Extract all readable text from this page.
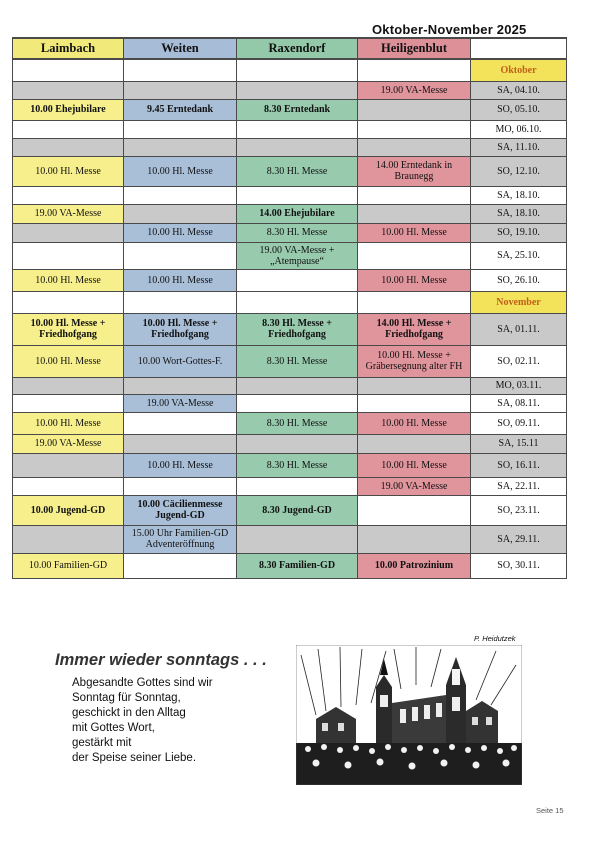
Oktober-November 2025
Laimbach	Weiten	Raxendorf	Heiligenblut	
				Oktober
			19.00 VA-Messe	SA, 04.10.
10.00 Ehejubilare	9.45 Erntedank	8.30 Erntedank		SO, 05.10.
				MO, 06.10.
				SA, 11.10.
10.00 Hl. Messe	10.00 Hl. Messe	8.30 Hl. Messe	14.00 Erntedank in Braunegg	SO, 12.10.
				SA, 18.10.
19.00 VA-Messe		14.00 Ehejubilare		SA, 18.10.
	10.00 Hl. Messe	8.30 Hl. Messe	10.00 Hl. Messe	SO, 19.10.
		19.00 VA-Messe + „Atempause“		SA, 25.10.
10.00 Hl. Messe	10.00 Hl. Messe		10.00 Hl. Messe	SO, 26.10.
				November
10.00 Hl. Messe + Friedhofgang	10.00 Hl. Messe + Friedhofgang	8.30 Hl. Messe + Friedhofgang	14.00 Hl. Messe + Friedhofgang	SA, 01.11.
10.00 Hl. Messe	10.00 Wort-Gottes-F.	8.30 Hl. Messe	10.00 Hl. Messe + Gräbersegnung alter FH	SO, 02.11.
				MO, 03.11.
	19.00 VA-Messe			SA, 08.11.
10.00 Hl. Messe		8.30 Hl. Messe	10.00 Hl. Messe	SO, 09.11.
19.00 VA-Messe				SA, 15.11
	10.00 Hl. Messe	8.30 Hl. Messe	10.00 Hl. Messe	SO, 16.11.
			19.00 VA-Messe	SA, 22.11.
10.00 Jugend-GD	10.00 Cäcilienmesse Jugend-GD	8.30 Jugend-GD		SO, 23.11.
	15.00 Uhr Familien-GD Adventeröffnung			SA, 29.11.
10.00 Familien-GD		8.30 Familien-GD	10.00 Patrozinium	SO, 30.11.
P. Heidutzek
Immer wieder sonntags . . .
Abgesandte Gottes sind wir
Sonntag für Sonntag,
geschickt in den Alltag
mit Gottes Wort,
gestärkt mit
der Speise seiner Liebe.
Seite 15
